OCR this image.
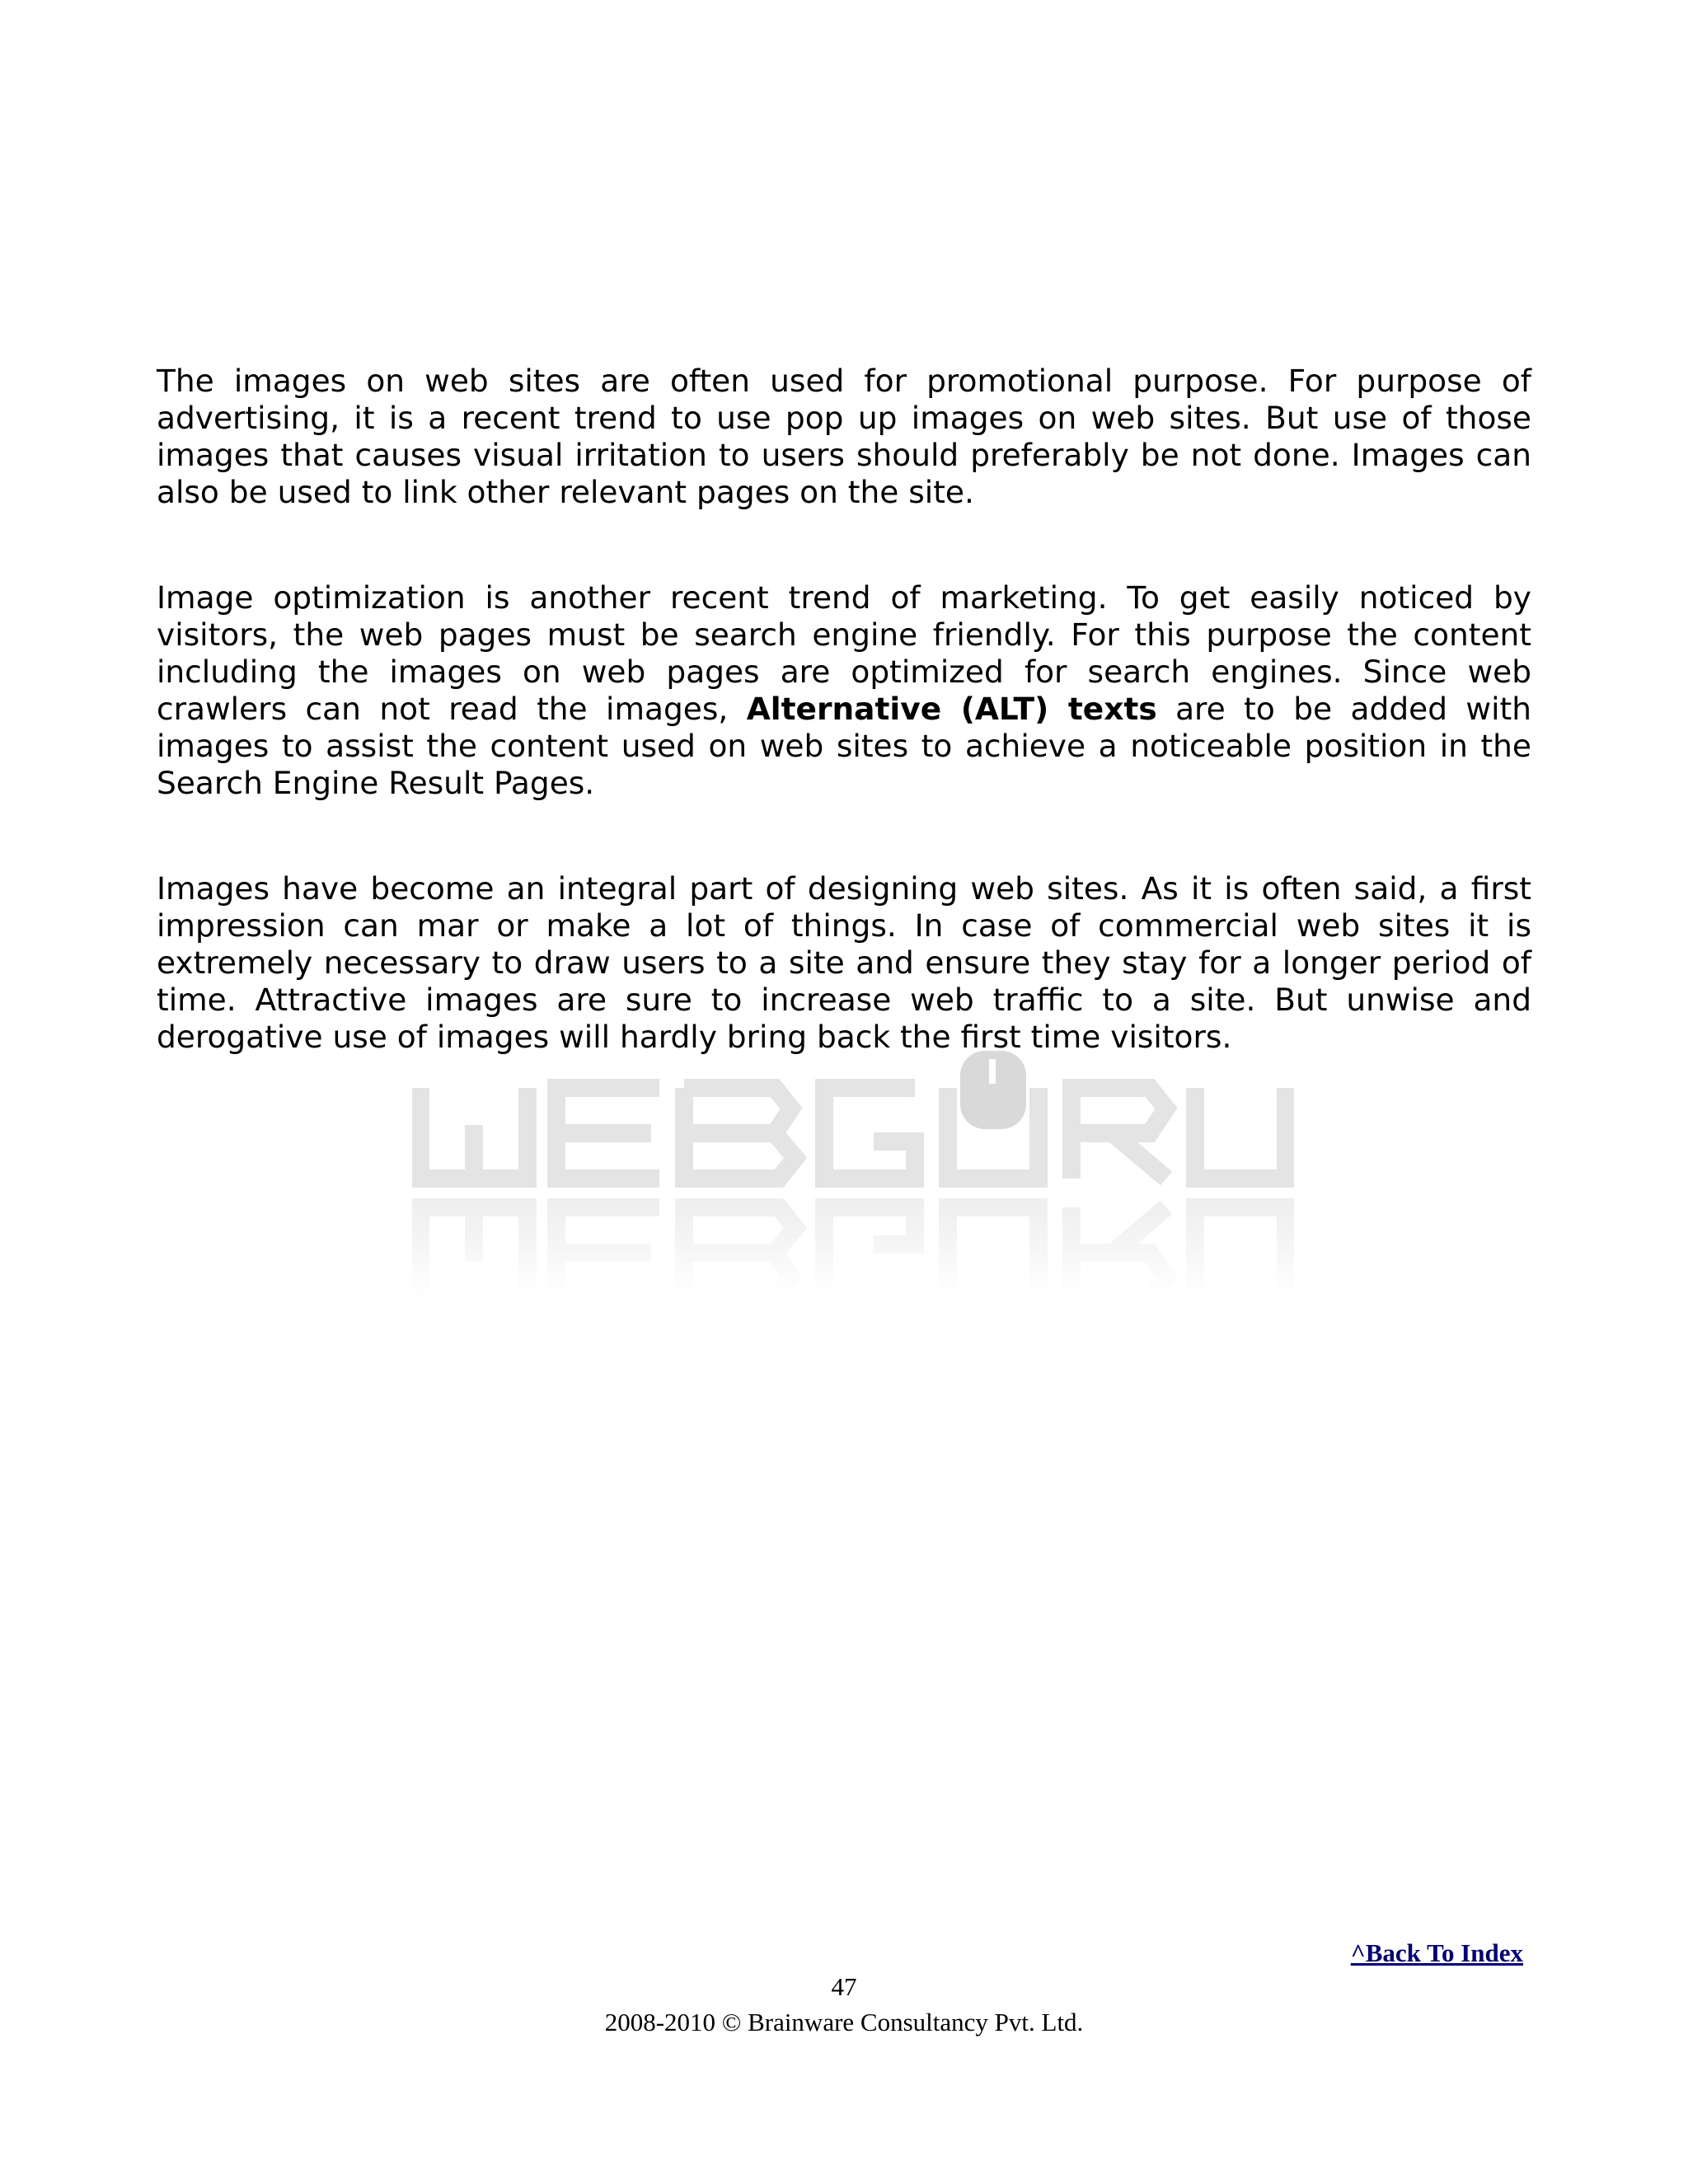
The images on web sites are often used for promotional purpose. For purpose of advertising, it is a recent trend to use pop up images on web sites. But use of those images that causes visual irritation to users should preferably be not done. Images can also be used to link other relevant pages on the site.

Image optimization is another recent trend of marketing. To get easily noticed by visitors, the web pages must be search engine friendly. For this purpose the content including the images on web pages are optimized for search engines. Since web crawlers can not read the images, Alternative (ALT) texts are to be added with images to assist the content used on web sites to achieve a noticeable position in the Search Engine Result Pages.

Images have become an integral part of designing web sites. As it is often said, a first impression can mar or make a lot of things. In case of commercial web sites it is extremely necessary to draw users to a site and ensure they stay for a longer period of time. Attractive images are sure to increase web traffic to a site. But unwise and derogative use of images will hardly bring back the first time visitors.

^Back To Index
47
2008-2010 © Brainware Consultancy Pvt. Ltd.
